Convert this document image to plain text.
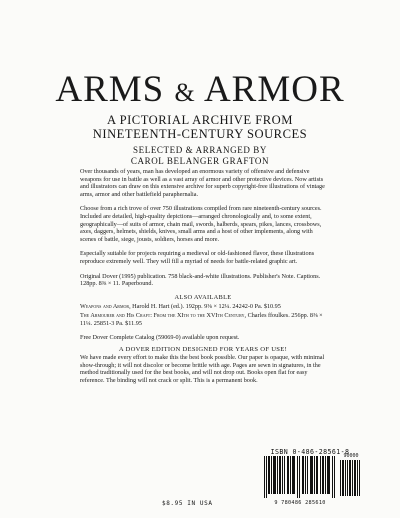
ARMS & ARMOR
A PICTORIAL ARCHIVE FROM
NINETEENTH-CENTURY SOURCES
SELECTED & ARRANGED BY
CAROL BELANGER GRAFTON

Over thousands of years, man has developed an enormous variety of offensive and defensive weapons for use in battle as well as a vast array of armor and other protective devices. Now artists and illustrators can draw on this extensive archive for superb copyright-free illustrations of vintage arms, armor and other battlefield paraphernalia.

Choose from a rich trove of over 750 illustrations compiled from rare nineteenth-century sources. Included are detailed, high-quality depictions—arranged chronologically and, to some extent, geographically—of suits of armor, chain mail, swords, halberds, spears, pikes, lances, crossbows, axes, daggers, helmets, shields, knives, small arms and a host of other implements, along with scenes of battle, siege, jousts, soldiers, horses and more.

Especially suitable for projects requiring a medieval or old-fashioned flavor, these illustrations reproduce extremely well. They will fill a myriad of needs for battle-related graphic art.

Original Dover (1995) publication. 758 black-and-white illustrations. Publisher's Note. Captions. 128pp. 8⅜ × 11. Paperbound.

ALSO AVAILABLE

Weapons and Armor, Harold H. Hart (ed.). 192pp. 9⅜ × 12¼. 24242-0 Pa. $10.95

The Armourer and His Craft: From the XIth to the XVIth Century, Charles ffoulkes. 256pp. 8⅜ × 11¼. 25851-3 Pa. $11.95

Free Dover Complete Catalog (59069-0) available upon request.

A DOVER EDITION DESIGNED FOR YEARS OF USE!

We have made every effort to make this the best book possible. Our paper is opaque, with minimal show-through; it will not discolor or become brittle with age. Pages are sewn in signatures, in the method traditionally used for the best books, and will not drop out. Books open flat for easy reference. The binding will not crack or split. This is a permanent book.

ISBN 0-486-28561-8
9 780486 285610
90000
$8.95 IN USA
